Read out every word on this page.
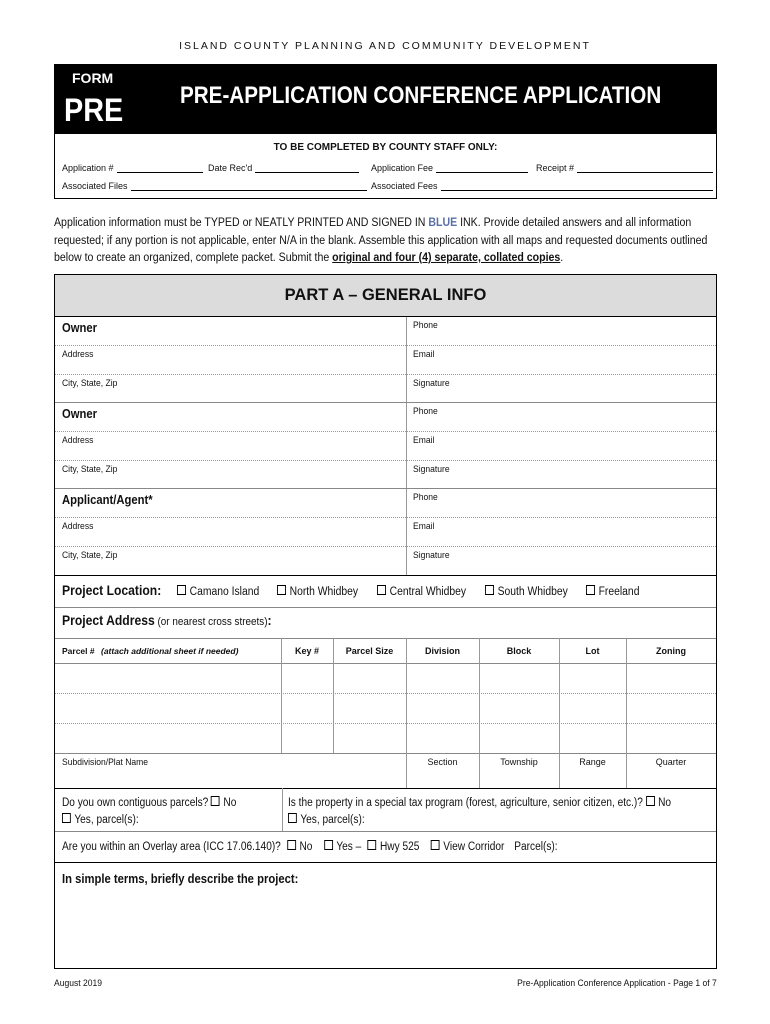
ISLAND COUNTY PLANNING AND COMMUNITY DEVELOPMENT
FORM
PRE PRE-APPLICATION CONFERENCE APPLICATION
TO BE COMPLETED BY COUNTY STAFF ONLY:
Application #	Date Rec'd	Application Fee	Receipt #
Associated Files	Associated Fees
Application information must be TYPED or NEATLY PRINTED AND SIGNED IN BLUE INK. Provide detailed answers and all information requested; if any portion is not applicable, enter N/A in the blank. Assemble this application with all maps and requested documents outlined below to create an organized, complete packet. Submit the original and four (4) separate, collated copies.
PART A – GENERAL INFO
Owner	Phone
Address	Email
City, State, Zip	Signature
Owner	Phone
Address	Email
City, State, Zip	Signature
Applicant/Agent*	Phone
Address	Email
City, State, Zip	Signature
Project Location:	Camano Island	North Whidbey	Central Whidbey	South Whidbey	Freeland
Project Address (or nearest cross streets):
Parcel # (attach additional sheet if needed)	Key #	Parcel Size	Division	Block	Lot	Zoning
Subdivision/Plat Name	Section	Township	Range	Quarter
Do you own contiguous parcels? No
Yes, parcel(s):
Is the property in a special tax program (forest, agriculture, senior citizen, etc.)? No
Yes, parcel(s):
Are you within an Overlay area (ICC 17.06.140)? No Yes – Hwy 525 View Corridor Parcel(s):
In simple terms, briefly describe the project:
August 2019	Pre-Application Conference Application - Page 1 of 7
